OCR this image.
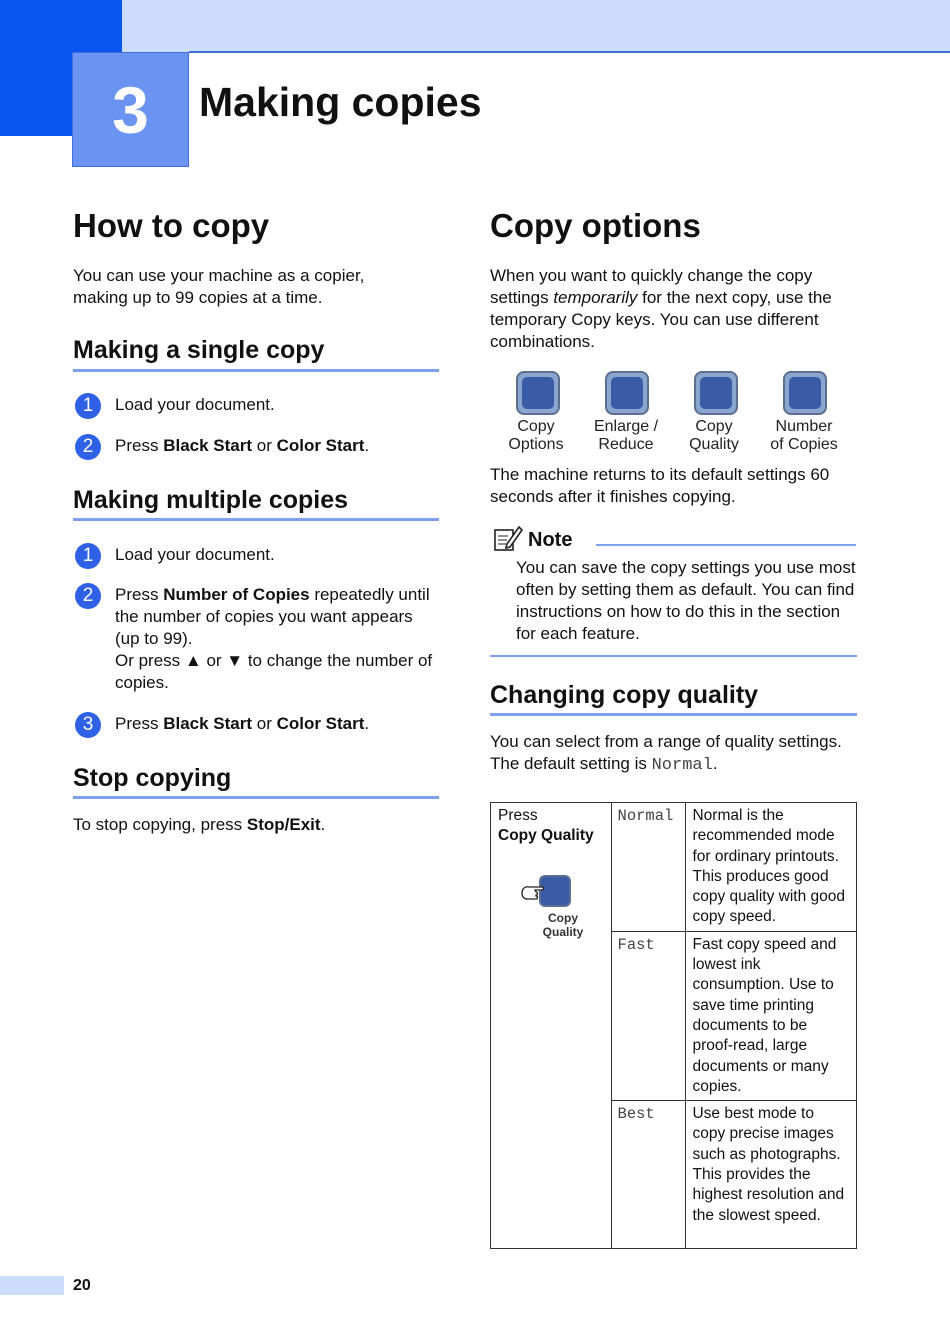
3	Making copies
How to copy
You can use your machine as a copier, making up to 99 copies at a time.
Making a single copy
1	Load your document.
2	Press Black Start or Color Start.
Making multiple copies
1	Load your document.
2	Press Number of Copies repeatedly until the number of copies you want appears (up to 99).
Or press ▲ or ▼ to change the number of copies.
3	Press Black Start or Color Start.
Stop copying
To stop copying, press Stop/Exit.
Copy options
When you want to quickly change the copy settings temporarily for the next copy, use the temporary Copy keys. You can use different combinations.
Copy
Options
Enlarge /
Reduce
Copy
Quality
Number
of Copies
The machine returns to its default settings 60 seconds after it finishes copying.
Note
You can save the copy settings you use most often by setting them as default. You can find instructions on how to do this in the section for each feature.
Changing copy quality
You can select from a range of quality settings. The default setting is Normal.
Press
Copy Quality
Copy
Quality	Normal	Normal is the recommended mode for ordinary printouts. This produces good copy quality with good copy speed.
	Fast	Fast copy speed and lowest ink consumption. Use to save time printing documents to be proof-read, large documents or many copies.
	Best	Use best mode to copy precise images such as photographs. This provides the highest resolution and the slowest speed.
20
